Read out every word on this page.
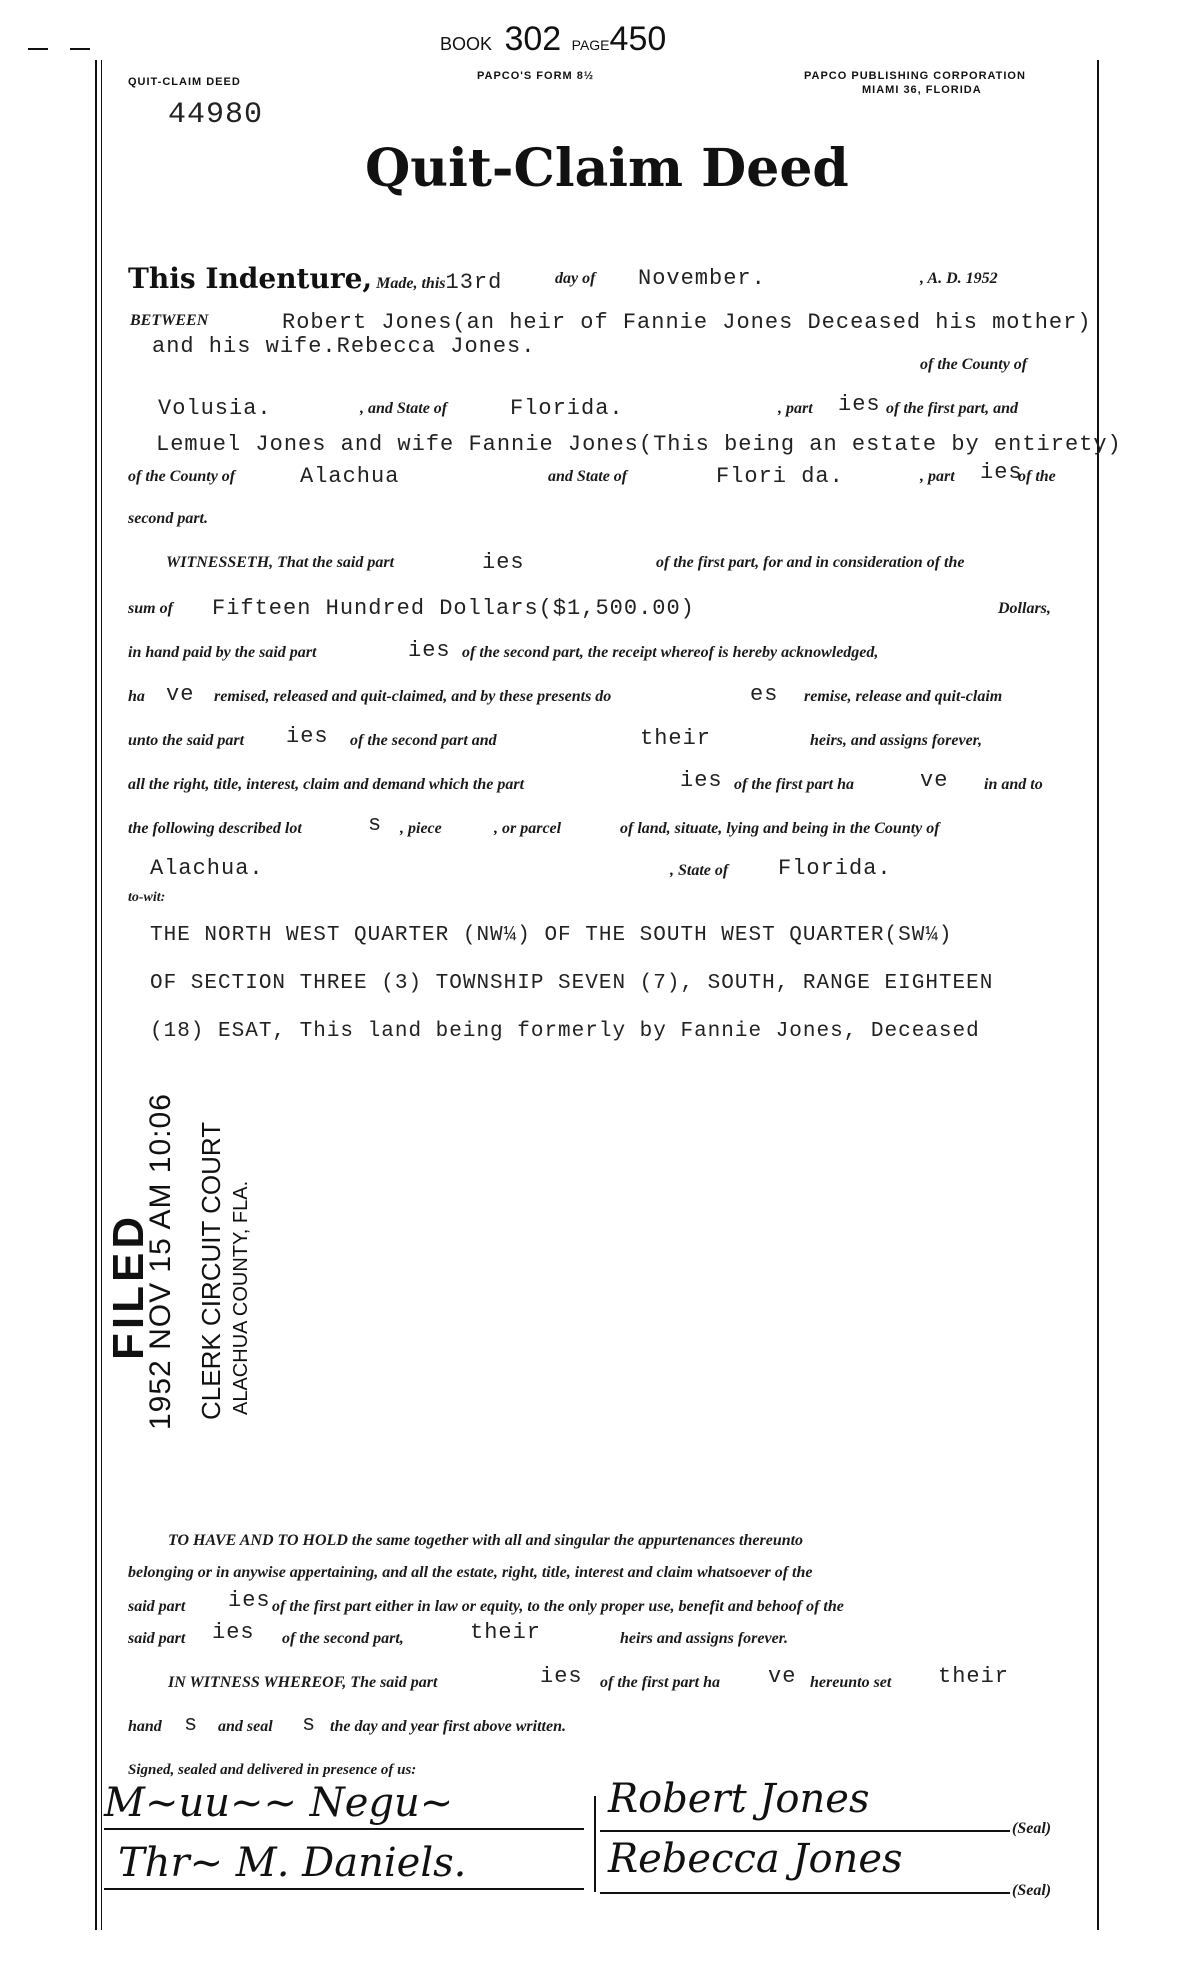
BOOK 302 PAGE450
QUIT-CLAIM DEED	PAPCO'S FORM 8½	PAPCO PUBLISHING CORPORATION
MIAMI 36, FLORIDA
44980
Quit-Claim Deed
This Indenture, Made, this13rd	day of November.	, A. D. 1952
BETWEEN	Robert Jones(an heir of Fannie Jones Deceased his mother)
and his wife.Rebecca Jones.
of the County of
Volusia.	, and State of	Florida.	, part ies of the first part, and
Lemuel Jones and wife Fannie Jones(This being an estate by entirety)
of the County of	Alachua	and State of	Flori da.	, part ies
of the
second part.
WITNESSETH, That the said part	ies	of the first part, for and in consideration of the
sum of Fifteen Hundred Dollars($1,500.00)	Dollars,
in hand paid by the said part	ies of the second part, the receipt whereof is hereby acknowledged,
ha ve remised, released and quit-claimed, and by these presents do	es remise, release and quit-claim
unto the said part ies of the second part and	their	heirs, and assigns forever,
all the right, title, interest, claim and demand which the part	ies of the first part ha	ve in and to
the following described lot	s , piece	, or parcel	of land, situate, lying and being in the County of
Alachua.	, State of Florida.
to-wit:
THE NORTH WEST QUARTER (NW¼) OF THE SOUTH WEST QUARTER(SW¼)
OF SECTION THREE (3) TOWNSHIP SEVEN (7), SOUTH, RANGE EIGHTEEN
(18) ESAT, This land being formerly by Fannie Jones, Deceased
FILED
1952 NOV 15 AM 10:06 CLERK CIRCUIT COURT ALACHUA COUNTY, FLA.
TO HAVE AND TO HOLD the same together with all and singular the appurtenances thereunto
belonging or in anywise appertaining, and all the estate, right, title, interest and claim whatsoever of the
said part ies of the first part either in law or equity, to the only proper use, benefit and behoof of the
said part ies of the second part,	their	heirs and assigns forever.
IN WITNESS WHEREOF, The said part	ies of the first part ha ve hereunto set their
hand s and seal s the day and year first above written.
Signed, sealed and delivered in presence of us:
M~uu~~ Negu~
Thr~ M. Daniels.
Robert Jones
(Seal)
Rebecca Jones
(Seal)
